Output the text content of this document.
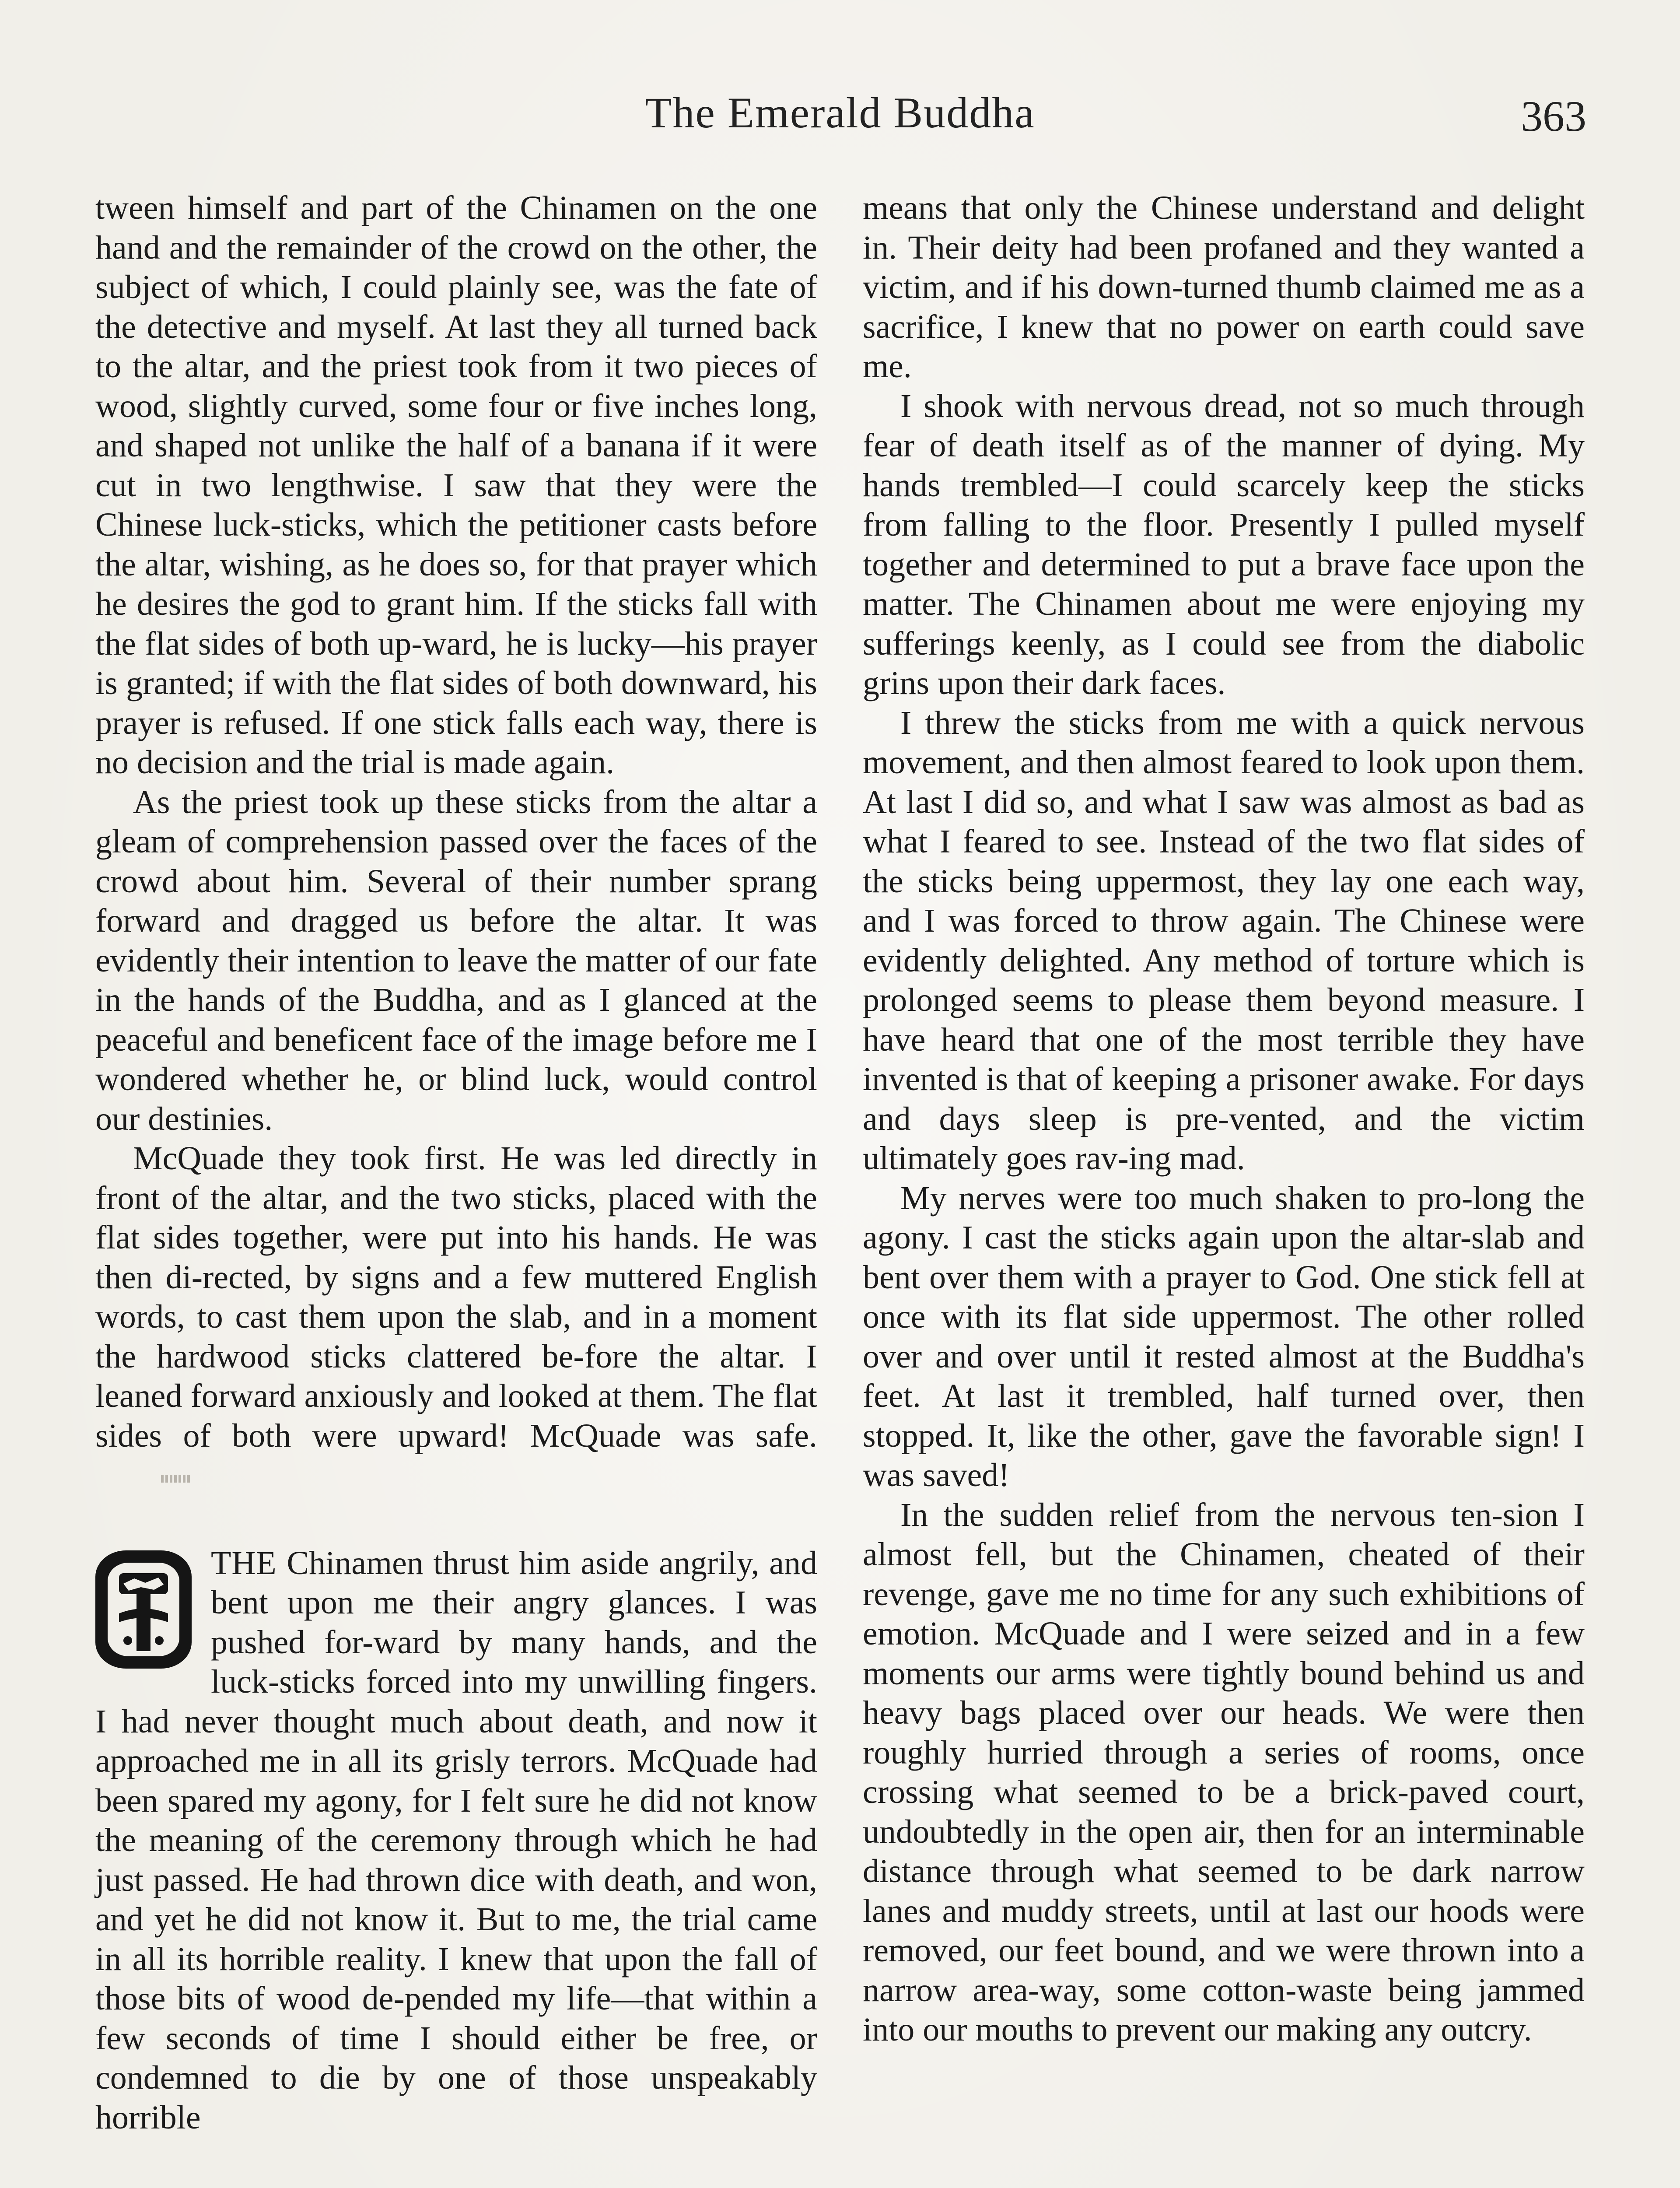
The Emerald Buddha	363

tween himself and part of the Chinamen on the one hand and the remainder of the crowd on the other, the subject of which, I could plainly see, was the fate of the detective and myself. At last they all turned back to the altar, and the priest took from it two pieces of wood, slightly curved, some four or five inches long, and shaped not unlike the half of a banana if it were cut in two lengthwise. I saw that they were the Chinese luck-sticks, which the petitioner casts before the altar, wishing, as he does so, for that prayer which he desires the god to grant him. If the sticks fall with the flat sides of both up-ward, he is lucky—his prayer is granted; if with the flat sides of both downward, his prayer is refused. If one stick falls each way, there is no decision and the trial is made again.

As the priest took up these sticks from the altar a gleam of comprehension passed over the faces of the crowd about him. Several of their number sprang forward and dragged us before the altar. It was evidently their intention to leave the matter of our fate in the hands of the Buddha, and as I glanced at the peaceful and beneficent face of the image before me I wondered whether he, or blind luck, would control our destinies.

McQuade they took first. He was led directly in front of the altar, and the two sticks, placed with the flat sides together, were put into his hands. He was then di-rected, by signs and a few muttered English words, to cast them upon the slab, and in a moment the hardwood sticks clattered be-fore the altar. I leaned forward anxiously and looked at them. The flat sides of both were upward! McQuade was safe.

THE Chinamen thrust him aside angrily, and bent upon me their angry glances. I was pushed for-ward by many hands, and the luck-sticks forced into my unwilling fingers. I had never thought much about death, and now it approached me in all its grisly terrors. McQuade had been spared my agony, for I felt sure he did not know the meaning of the ceremony through which he had just passed. He had thrown dice with death, and won, and yet he did not know it. But to me, the trial came in all its horrible reality. I knew that upon the fall of those bits of wood de-pended my life—that within a few seconds of time I should either be free, or condemned to die by one of those unspeakably horrible

means that only the Chinese understand and delight in. Their deity had been profaned and they wanted a victim, and if his down-turned thumb claimed me as a sacrifice, I knew that no power on earth could save me.

I shook with nervous dread, not so much through fear of death itself as of the manner of dying. My hands trembled—I could scarcely keep the sticks from falling to the floor. Presently I pulled myself together and determined to put a brave face upon the matter. The Chinamen about me were enjoying my sufferings keenly, as I could see from the diabolic grins upon their dark faces.

I threw the sticks from me with a quick nervous movement, and then almost feared to look upon them. At last I did so, and what I saw was almost as bad as what I feared to see. Instead of the two flat sides of the sticks being uppermost, they lay one each way, and I was forced to throw again. The Chinese were evidently delighted. Any method of torture which is prolonged seems to please them beyond measure. I have heard that one of the most terrible they have invented is that of keeping a prisoner awake. For days and days sleep is pre-vented, and the victim ultimately goes rav-ing mad.

My nerves were too much shaken to pro-long the agony. I cast the sticks again upon the altar-slab and bent over them with a prayer to God. One stick fell at once with its flat side uppermost. The other rolled over and over until it rested almost at the Buddha's feet. At last it trembled, half turned over, then stopped. It, like the other, gave the favorable sign! I was saved!

In the sudden relief from the nervous ten-sion I almost fell, but the Chinamen, cheated of their revenge, gave me no time for any such exhibitions of emotion. McQuade and I were seized and in a few moments our arms were tightly bound behind us and heavy bags placed over our heads. We were then roughly hurried through a series of rooms, once crossing what seemed to be a brick-paved court, undoubtedly in the open air, then for an interminable distance through what seemed to be dark narrow lanes and muddy streets, until at last our hoods were removed, our feet bound, and we were thrown into a narrow area-way, some cotton-waste being jammed into our mouths to prevent our making any outcry.
